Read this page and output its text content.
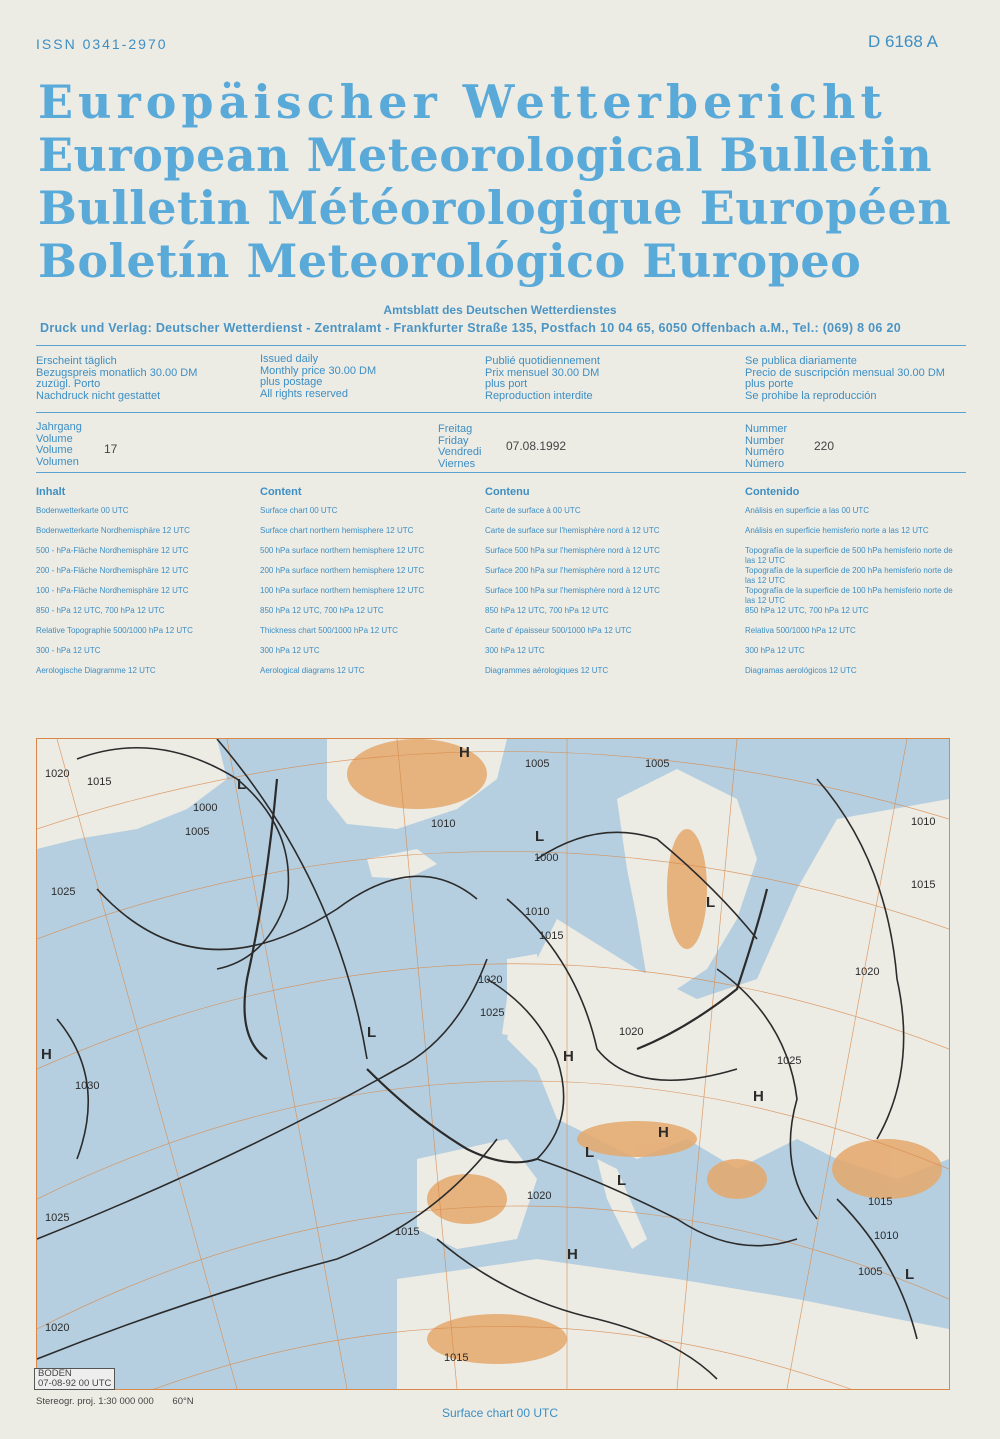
ISSN 0341-2970	D 6168 A
Europäischer Wetterbericht
European Meteorological Bulletin
Bulletin Météorologique Européen
Boletín Meteorológico Europeo
Amtsblatt des Deutschen Wetterdienstes
Druck und Verlag: Deutscher Wetterdienst - Zentralamt - Frankfurter Straße 135, Postfach 10 04 65, 6050 Offenbach a.M., Tel.: (069) 8 06 20
Erscheint täglich
Bezugspreis monatlich 30.00 DM
zuzügl. Porto
Nachdruck nicht gestattet
Issued daily
Monthly price 30.00 DM
plus postage
All rights reserved
Publié quotidiennement
Prix mensuel 30.00 DM
plus port
Reproduction interdite
Se publica diariamente
Precio de suscripción mensual 30.00 DM
plus porte
Se prohibe la reproducción
Jahrgang
Volume
Volume
Volumen
17
Freitag
Friday
Vendredi
Viernes
07.08.1992
Nummer
Number
Numéro
Número
220
Inhalt
Bodenwetterkarte 00 UTC
Bodenwetterkarte Nordhemisphäre 12 UTC
500 - hPa-Fläche Nordhemisphäre 12 UTC
200 - hPa-Fläche Nordhemisphäre 12 UTC
100 - hPa-Fläche Nordhemisphäre 12 UTC
850 - hPa 12 UTC, 700 hPa 12 UTC
Relative Topographie 500/1000 hPa 12 UTC
300 - hPa 12 UTC
Aerologische Diagramme 12 UTC
Content
Surface chart 00 UTC
Surface chart northern hemisphere 12 UTC
500 hPa surface northern hemisphere 12 UTC
200 hPa surface northern hemisphere 12 UTC
100 hPa surface northern hemisphere 12 UTC
850 hPa 12 UTC, 700 hPa 12 UTC
Thickness chart 500/1000 hPa 12 UTC
300 hPa 12 UTC
Aerological diagrams 12 UTC
Contenu
Carte de surface à 00 UTC
Carte de surface sur l'hemisphère nord à 12 UTC
Surface 500 hPa sur l'hemisphère nord à 12 UTC
Surface 200 hPa sur l'hemisphère nord à 12 UTC
Surface 100 hPa sur l'hemisphère nord à 12 UTC
850 hPa 12 UTC, 700 hPa 12 UTC
Carte d' épaisseur 500/1000 hPa 12 UTC
300 hPa 12 UTC
Diagrammes aérologiques 12 UTC
Contenido
Análisis en superficie a las 00 UTC
Análisis en superficie hemisferio norte a las 12 UTC
Topografía de la superficie de 500 hPa hemisferio norte de las 12 UTC
Topografía de la superficie de 200 hPa hemisferio norte de las 12 UTC
Topografía de la superficie de 100 hPa hemisferio norte de las 12 UTC
850 hPa 12 UTC, 700 hPa 12 UTC
Relativa 500/1000 hPa 12 UTC
300 hPa 12 UTC
Diagramas aerológicos 12 UTC
1020
1015
1000
1005
1010
1025
1030
1025
1020
1005
1000
1010
1015
1020
1025
1020
1015
1020
1015
1010
1005
1015
1025
1010
1015
1020
1005
H
L
L
L
H	H
L
H
L
H
L
H
L
BODEN
07-08-92 00 UTC
Stereogr. proj. 1:30 000 000 60°N
Surface chart 00 UTC
